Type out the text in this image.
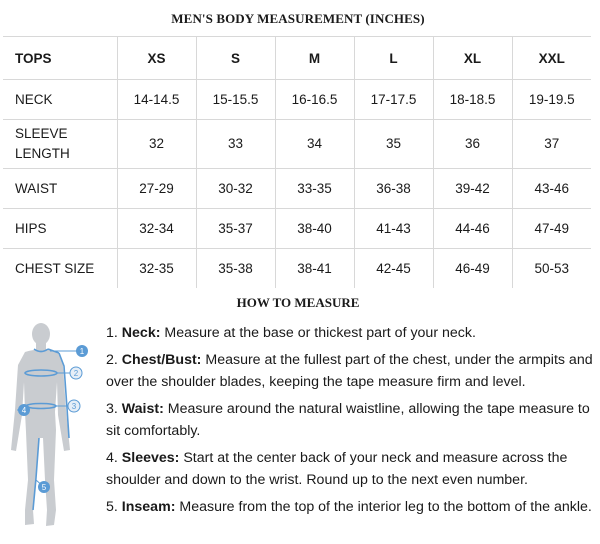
MEN'S BODY MEASUREMENT (INCHES)
TOPS	XS	S	M	L	XL	XXL
NECK	14-14.5	15-15.5	16-16.5	17-17.5	18-18.5	19-19.5
SLEEVE
LENGTH	32	33	34	35	36	37
WAIST	27-29	30-32	33-35	36-38	39-42	43-46
HIPS	32-34	35-37	38-40	41-43	44-46	47-49
CHEST SIZE	32-35	35-38	38-41	42-45	46-49	50-53
HOW TO MEASURE
1
2
3
4
5
1. Neck: Measure at the base or thickest part of your neck.
2. Chest/Bust: Measure at the fullest part of the chest, under the armpits and over the shoulder blades, keeping the tape measure firm and level.
3. Waist: Measure around the natural waistline, allowing the tape measure to sit comfortably.
4. Sleeves: Start at the center back of your neck and measure across the shoulder and down to the wrist. Round up to the next even number.
5. Inseam: Measure from the top of the interior leg to the bottom of the ankle.
